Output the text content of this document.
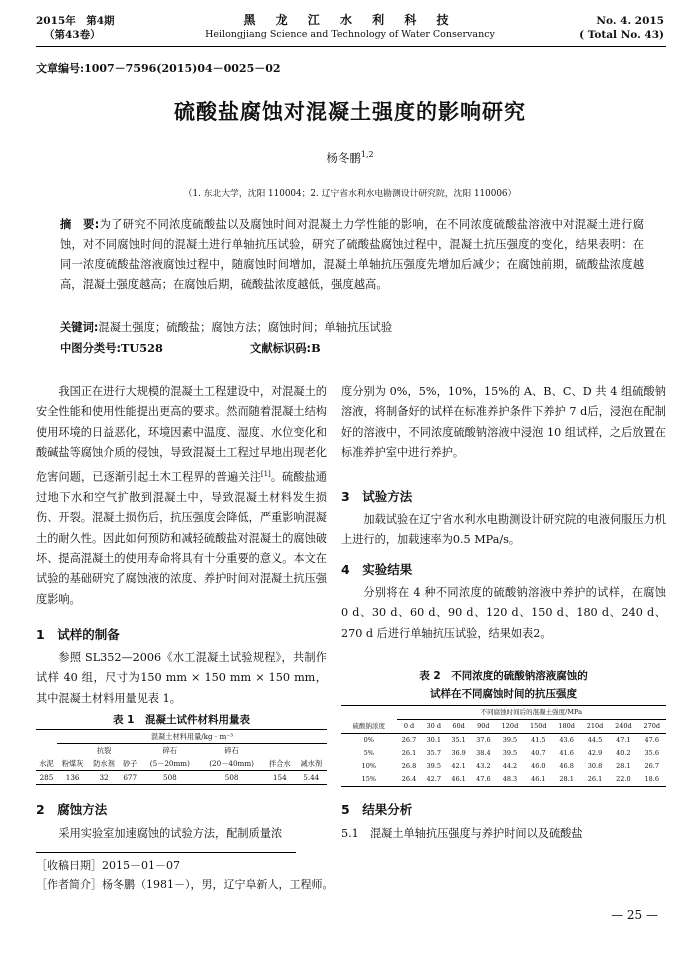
2015年　第4期
（第43卷）
黑 龙 江 水 利 科 技
Heilongjiang Science and Technology of Water Conservancy
No. 4. 2015
( Total No. 43)
文章编号:1007－7596(2015)04－0025－02
硫酸盐腐蚀对混凝土强度的影响研究
杨冬鹏$^{1,2}$
（1. 东北大学，沈阳 110004；2. 辽宁省水利水电勘测设计研究院，沈阳 110006）
摘　要:为了研究不同浓度硫酸盐以及腐蚀时间对混凝土力学性能的影响，在不同浓度硫酸盐溶液中对混凝土进行腐蚀，对不同腐蚀时间的混凝土进行单轴抗压试验，研究了硫酸盐腐蚀过程中，混凝土抗压强度的变化，结果表明：在同一浓度硫酸盐溶液腐蚀过程中，随腐蚀时间增加，混凝土单轴抗压强度先增加后减少；在腐蚀前期，硫酸盐浓度越高，混凝土强度越高；在腐蚀后期，硫酸盐浓度越低，强度越高。
关键词:混凝土强度；硫酸盐；腐蚀方法；腐蚀时间；单轴抗压试验
中图分类号:TU528	文献标识码:B

我国正在进行大规模的混凝土工程建设中，对混凝土的安全性能和使用性能提出更高的要求。然而随着混凝土结构使用环境的日益恶化，环境因素中温度、湿度、水位变化和酸碱盐等腐蚀介质的侵蚀，导致混凝土工程过早地出现老化危害问题，已逐渐引起土木工程界的普遍关注[1]。硫酸盐通过地下水和空气扩散到混凝土中，导致混凝土材料发生损伤、开裂。混凝土损伤后，抗压强度会降低，严重影响混凝土的耐久性。因此如何预防和减轻硫酸盐对混凝土的腐蚀破坏、提高混凝土的使用寿命将具有十分重要的意义。本文在试验的基础研究了腐蚀液的浓度、养护时间对混凝土抗压强度影响。

1　试样的制备

参照 SL352—2006《水工混凝土试验规程》，共制作试样 40 组，尺寸为150 mm × 150 mm × 150 mm，其中混凝土材料用量见表 1。

表 1　混凝土试件材料用量表
	混凝土材料用量/kg · m⁻³						
		抗裂		碎石	碎石		
水泥	粉煤灰	防水剂	砂子	(5－20mm)	(20－40mm)	拌合水	减水剂
285	136	32	677	508	508	154	5.44
2　腐蚀方法

采用实验室加速腐蚀的试验方法，配制质量浓

度分别为 0%，5%，10%，15%的 A、B、C、D 共 4 组硫酸钠溶液，将制备好的试样在标准养护条件下养护 7 d后，浸泡在配制好的溶液中，不同浓度硫酸钠溶液中浸泡 10 组试样，之后放置在标准养护室中进行养护。

3　试验方法

加载试验在辽宁省水利水电勘测设计研究院的电液伺服压力机上进行的，加载速率为0.5 MPa/s。

4　实验结果

分别将在 4 种不同浓度的硫酸钠溶液中养护的试样，在腐蚀 0 d、30 d、60 d、90 d、120 d、150 d、180 d、240 d、270 d 后进行单轴抗压试验，结果如表2。

表 2　不同浓度的硫酸钠溶液腐蚀的
试样在不同腐蚀时间的抗压强度
	不同腐蚀时间后的混凝土强度/MPa									
硫酸钠浓度	0 d	30 d	60d	90d	120d	150d	180d	210d	240d	270d
0%	26.7	30.1	35.1	37.6	39.5	41.5	43.6	44.5	47.1	47.6
5%	26.1	35.7	36.9	38.4	39.5	40.7	41.6	42.9	40.2	35.6
10%	26.8	39.5	42.1	43.2	44.2	46.0	46.8	30.8	28.1	26.7
15%	26.4	42.7	46.1	47.6	48.3	46.1	28.1	26.1	22.0	18.6
5　结果分析

5.1　混凝土单轴抗压强度与养护时间以及硫酸盐

［收稿日期］2015－01－07
［作者简介］杨冬鹏（1981－），男，辽宁阜新人，工程师。
— 25 —
